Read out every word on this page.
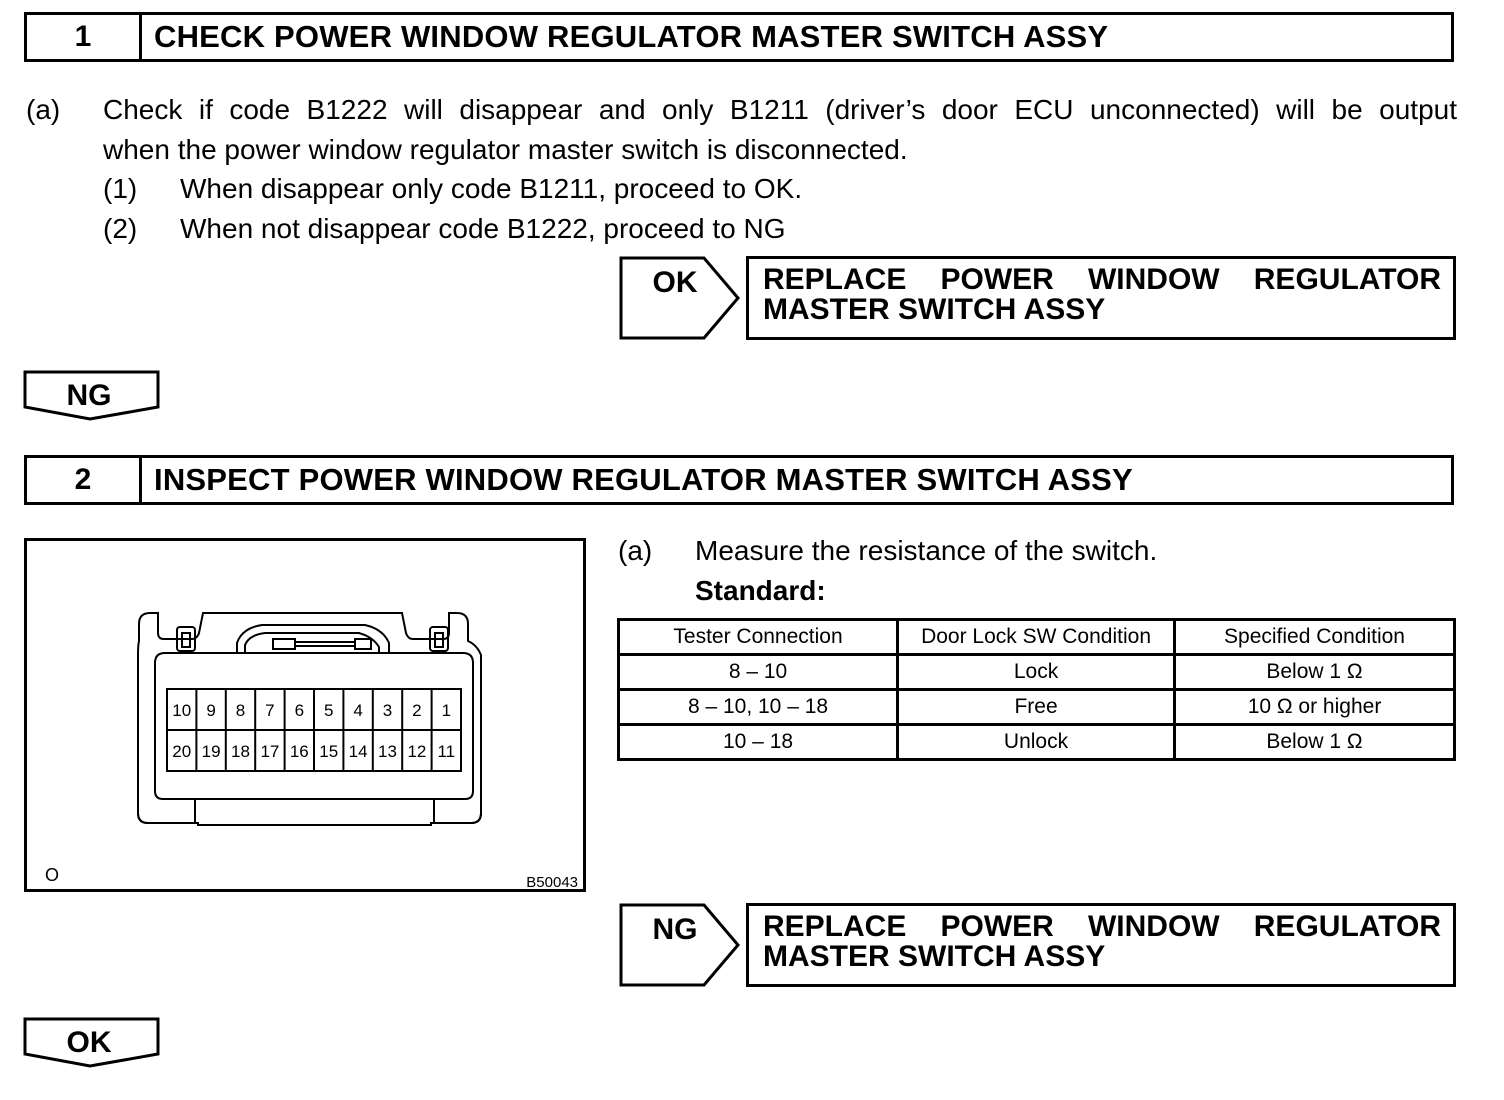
1	CHECK POWER WINDOW REGULATOR MASTER SWITCH ASSY
(a) Check if code B1222 will disappear and only B1211 (driver’s door ECU unconnected) will be output
when the power window regulator master switch is disconnected.
(1) When disappear only code B1211, proceed to OK.
(2) When not disappear code B1222, proceed to NG
OK	REPLACE POWER WINDOW REGULATOR
MASTER SWITCH ASSY
NG
2	INSPECT POWER WINDOW REGULATOR MASTER SWITCH ASSY
10 9 8 7 6 5 4 3 2 1
20 19 18 17 16 15 14 13 12 11
O	B50043
(a) Measure the resistance of the switch.
Standard:
Tester Connection	Door Lock SW Condition	Specified Condition
8 – 10	Lock	Below 1 Ω
8 – 10, 10 – 18	Free	10 Ω or higher
10 – 18	Unlock	Below 1 Ω
NG	REPLACE POWER WINDOW REGULATOR
MASTER SWITCH ASSY
OK
